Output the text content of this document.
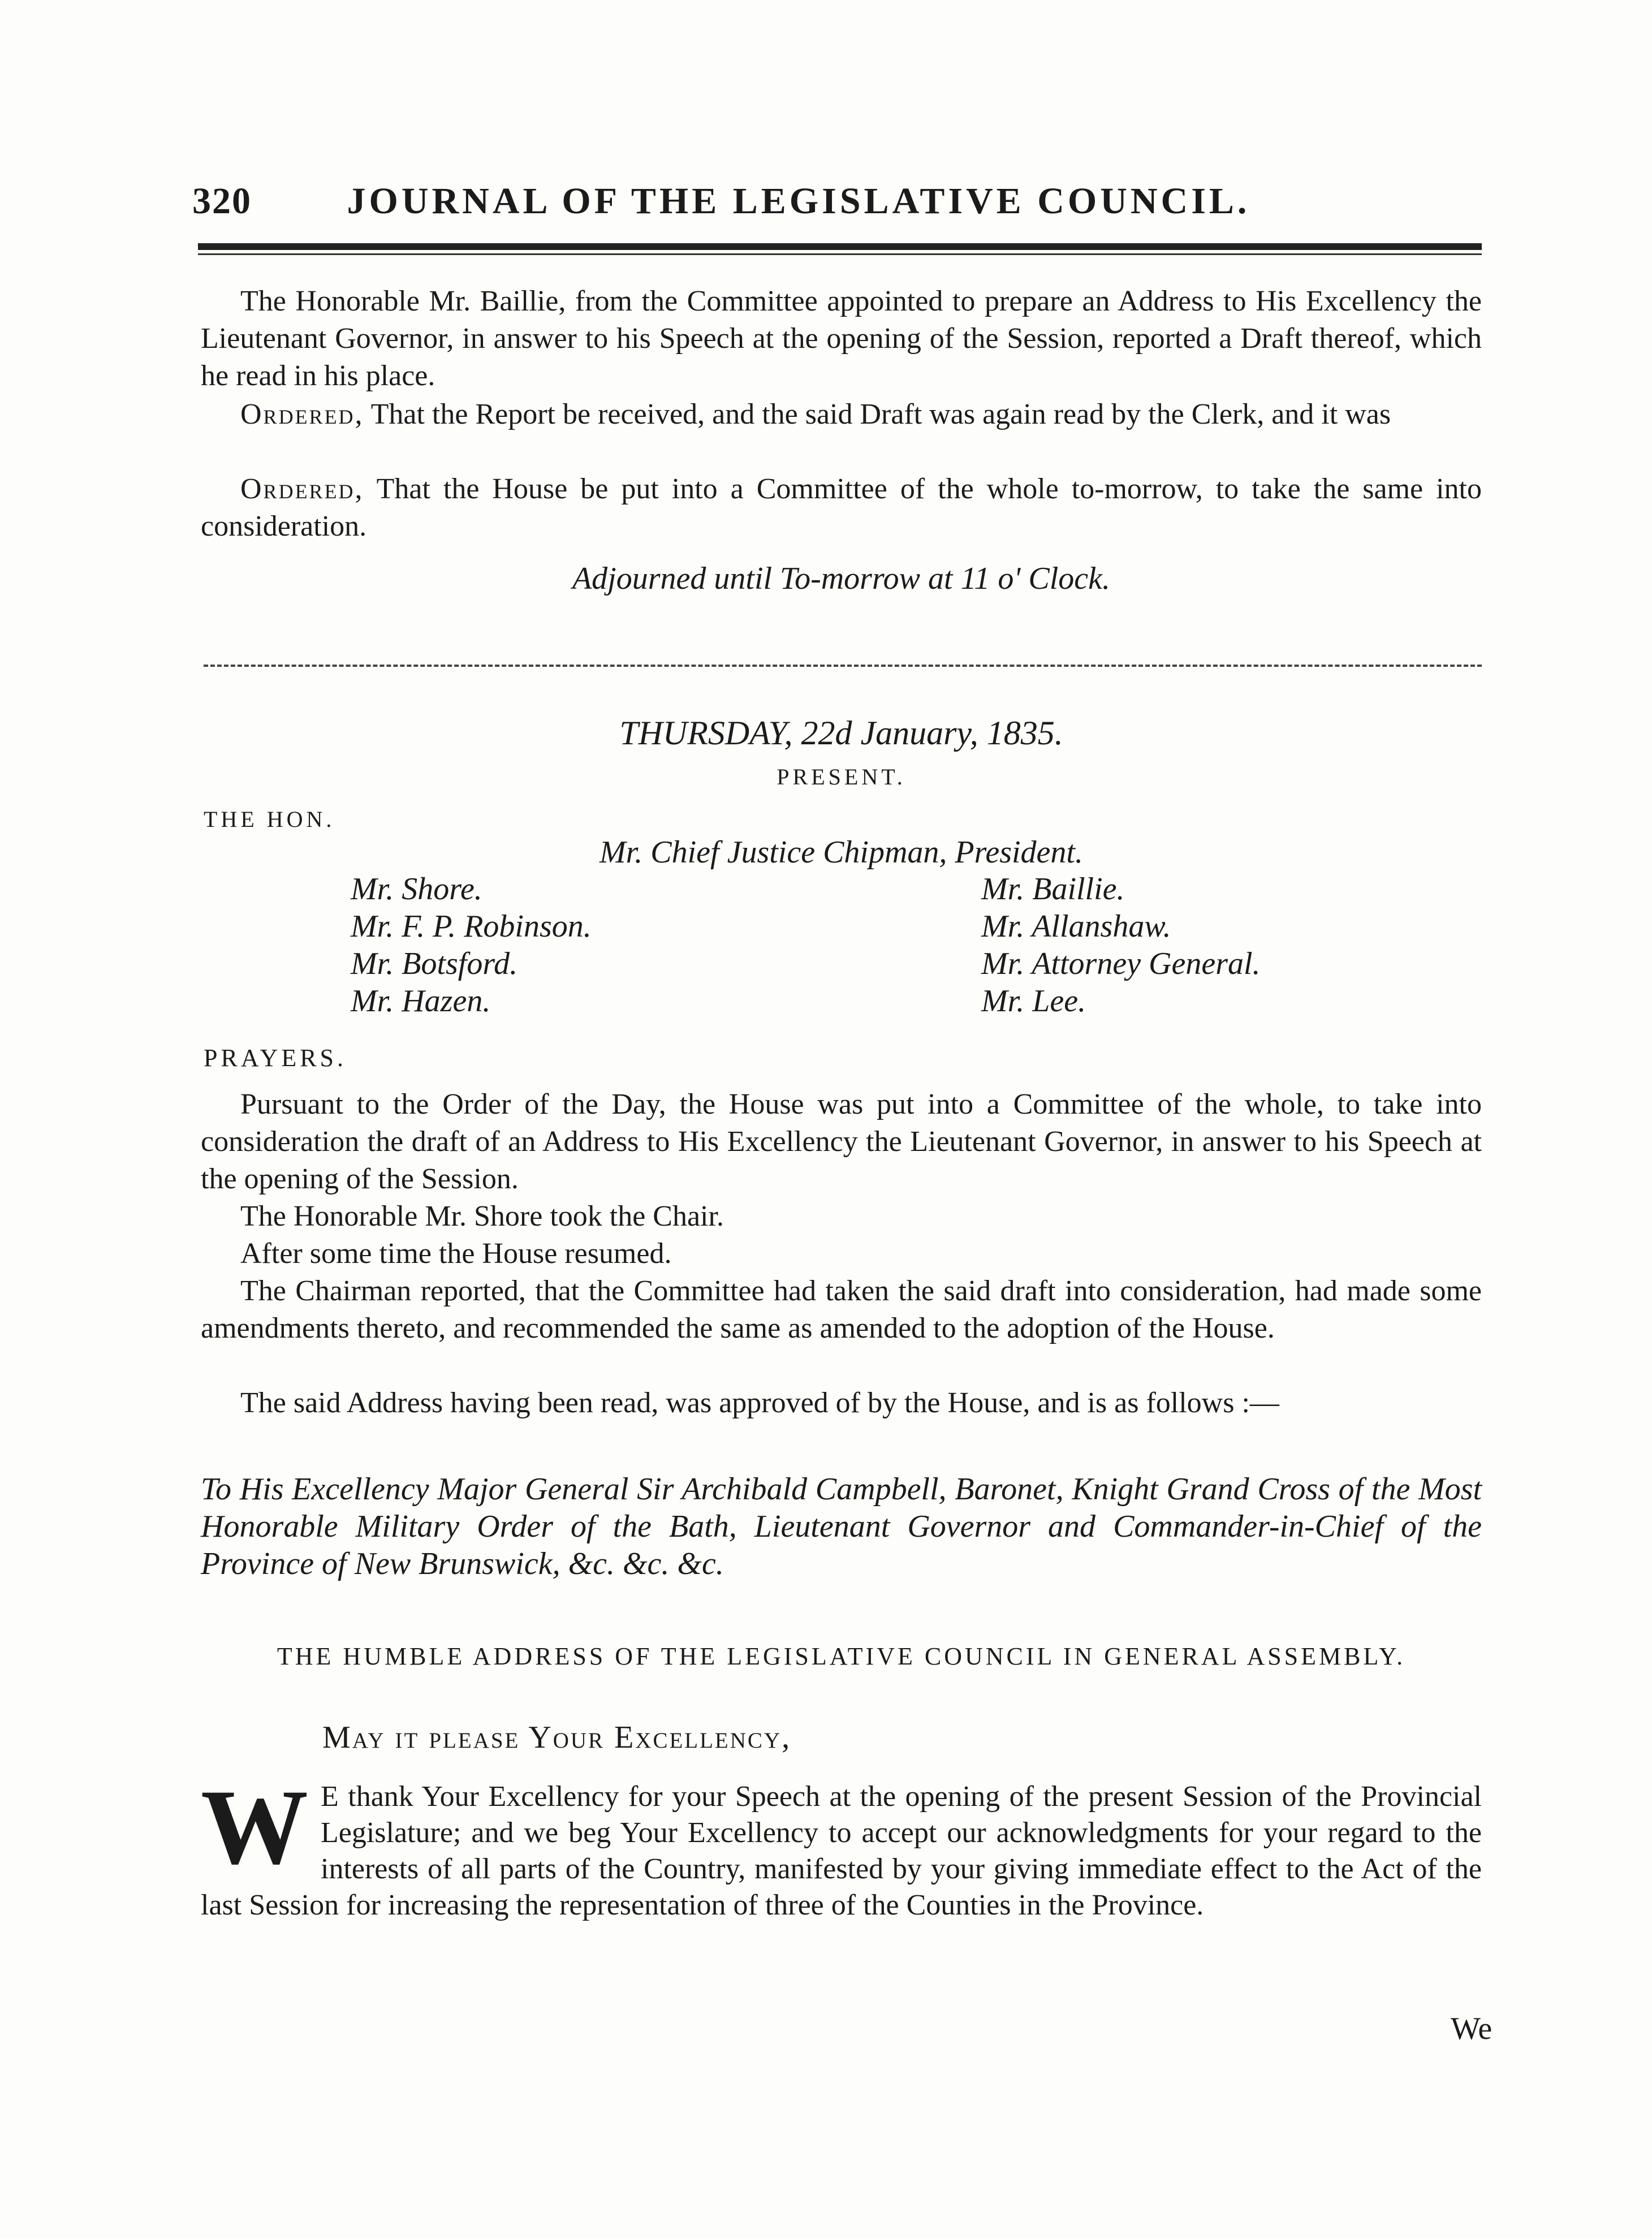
320	JOURNAL OF THE LEGISLATIVE COUNCIL.
The Honorable Mr. Baillie, from the Committee appointed to prepare an Address to His Excellency the Lieutenant Governor, in answer to his Speech at the opening of the Session, reported a Draft thereof, which he read in his place.
Ordered, That the Report be received, and the said Draft was again read by the Clerk, and it was
Ordered, That the House be put into a Committee of the whole to-morrow, to take the same into consideration.
Adjourned until To-morrow at 11 o' Clock.
THURSDAY, 22d January, 1835.
PRESENT.
THE HON.
Mr. Chief Justice Chipman, President.
Mr. Shore.
Mr. F. P. Robinson.
Mr. Botsford.
Mr. Hazen.
Mr. Baillie.
Mr. Allanshaw.
Mr. Attorney General.
Mr. Lee.
PRAYERS.
Pursuant to the Order of the Day, the House was put into a Committee of the whole, to take into consideration the draft of an Address to His Excellency the Lieutenant Governor, in answer to his Speech at the opening of the Session.
The Honorable Mr. Shore took the Chair.
After some time the House resumed.
The Chairman reported, that the Committee had taken the said draft into consideration, had made some amendments thereto, and recommended the same as amended to the adoption of the House.
The said Address having been read, was approved of by the House, and is as follows :—
To His Excellency Major General Sir Archibald Campbell, Baronet, Knight Grand Cross of the Most Honorable Military Order of the Bath, Lieutenant Governor and Commander-in-Chief of the Province of New Brunswick, &c. &c. &c.
THE HUMBLE ADDRESS OF THE LEGISLATIVE COUNCIL IN GENERAL ASSEMBLY.
May it please Your Excellency,
W E thank Your Excellency for your Speech at the opening of the present Session of the Provincial Legislature; and we beg Your Excellency to accept our acknowledgments for your regard to the interests of all parts of the Country, manifested by your giving immediate effect to the Act of the last Session for increasing the representation of three of the Counties in the Province.
We
